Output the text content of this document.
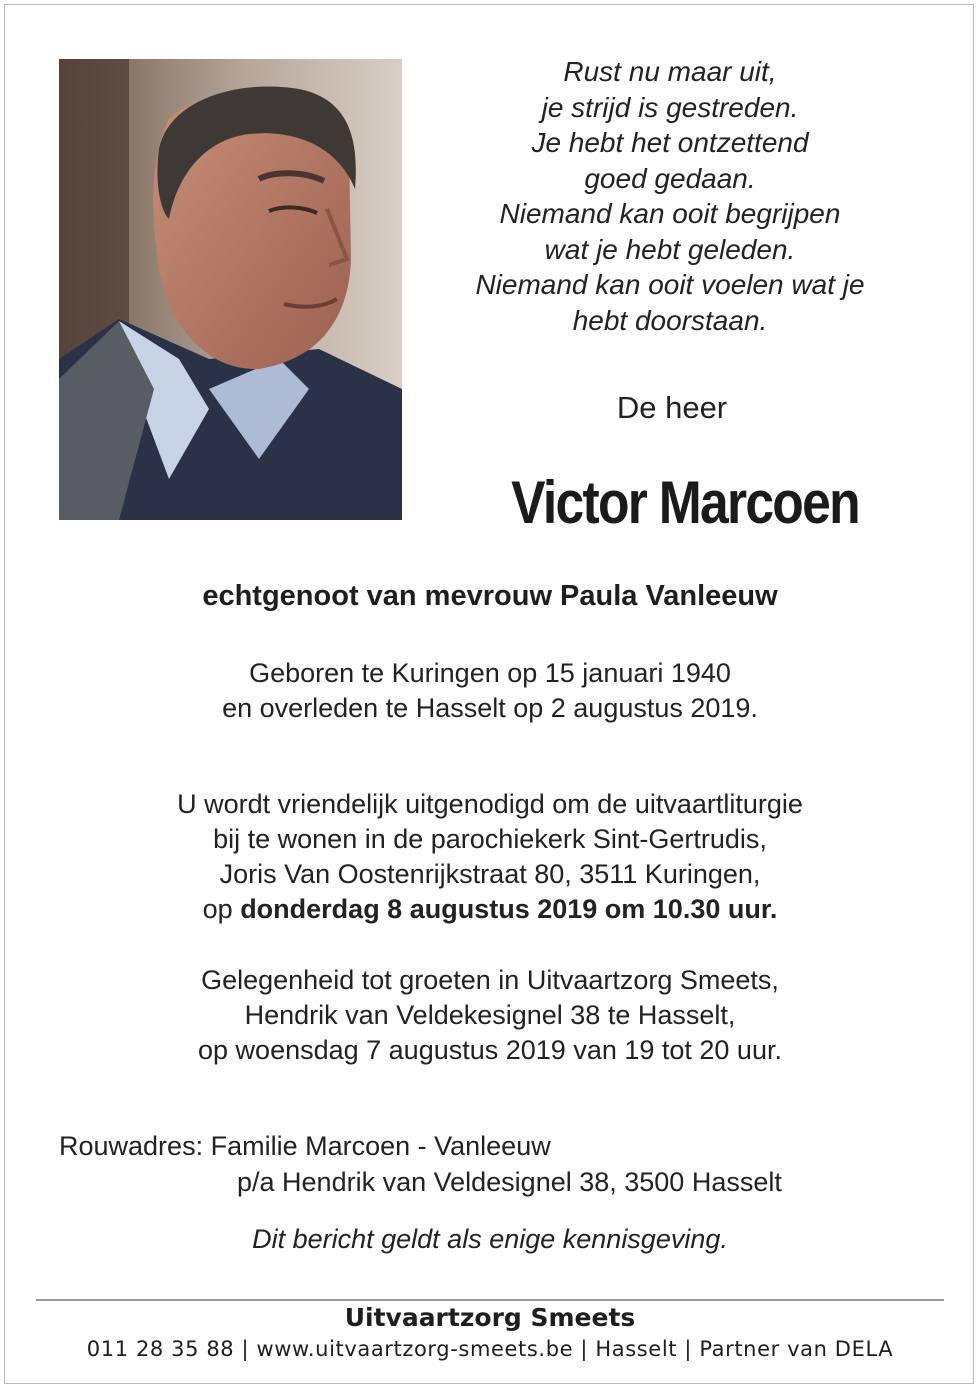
Rust nu maar uit,
je strijd is gestreden.
Je hebt het ontzettend
goed gedaan.
Niemand kan ooit begrijpen
wat je hebt geleden.
Niemand kan ooit voelen wat je
hebt doorstaan.
De heer
Victor Marcoen
echtgenoot van mevrouw Paula Vanleeuw
Geboren te Kuringen op 15 januari 1940
en overleden te Hasselt op 2 augustus 2019.
U wordt vriendelijk uitgenodigd om de uitvaartliturgie
bij te wonen in de parochiekerk Sint-Gertrudis,
Joris Van Oostenrijkstraat 80, 3511 Kuringen,
op donderdag 8 augustus 2019 om 10.30 uur.
Gelegenheid tot groeten in Uitvaartzorg Smeets,
Hendrik van Veldekesignel 38 te Hasselt,
op woensdag 7 augustus 2019 van 19 tot 20 uur.
Rouwadres: Familie Marcoen - Vanleeuw
p/a Hendrik van Veldesignel 38, 3500 Hasselt
Dit bericht geldt als enige kennisgeving.
Uitvaartzorg Smeets
011 28 35 88 | www.uitvaartzorg-smeets.be | Hasselt | Partner van DELA
